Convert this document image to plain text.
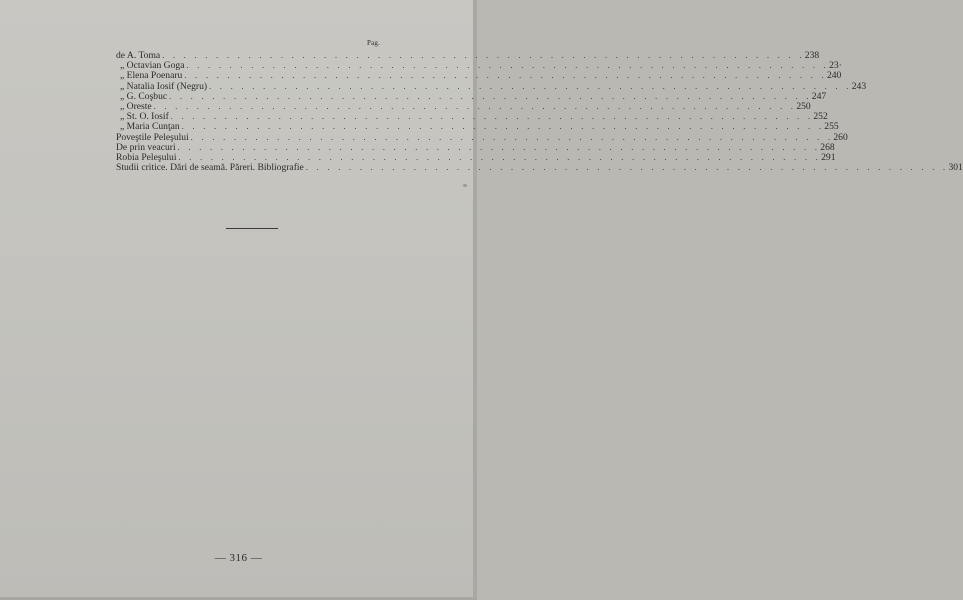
Pag.
de A. Toma . . . . . . . . . . . . . . . . . . . . . . . . . . . . . . . . . . . . . . . . . . . . . . . . . . . . . . . . . . . . 238
„ Octavian Goga . . . . . . . . . . . . . . . . . . . . . . . . . . . . . . . . . . . . . . . . . . . . . . . . . . . . . . . . . . . . 23·
„ Elena Poenaru . . . . . . . . . . . . . . . . . . . . . . . . . . . . . . . . . . . . . . . . . . . . . . . . . . . . . . . . . . . . 240
„ Natalia Iosif (Negru) . . . . . . . . . . . . . . . . . . . . . . . . . . . . . . . . . . . . . . . . . . . . . . . . . . . . . . . . . . . . 243
„ G. Coşbuc . . . . . . . . . . . . . . . . . . . . . . . . . . . . . . . . . . . . . . . . . . . . . . . . . . . . . . . . . . . . 247
„ Oreste . . . . . . . . . . . . . . . . . . . . . . . . . . . . . . . . . . . . . . . . . . . . . . . . . . . . . . . . . . . . 250
„ St. O. Iosif . . . . . . . . . . . . . . . . . . . . . . . . . . . . . . . . . . . . . . . . . . . . . . . . . . . . . . . . . . . . 252
„ Maria Cunţan . . . . . . . . . . . . . . . . . . . . . . . . . . . . . . . . . . . . . . . . . . . . . . . . . . . . . . . . . . . . 255
Poveştile Peleşului . . . . . . . . . . . . . . . . . . . . . . . . . . . . . . . . . . . . . . . . . . . . . . . . . . . . . . . . . . . . 260
De prin veacuri . . . . . . . . . . . . . . . . . . . . . . . . . . . . . . . . . . . . . . . . . . . . . . . . . . . . . . . . . . . . 268
Robia Peleşului . . . . . . . . . . . . . . . . . . . . . . . . . . . . . . . . . . . . . . . . . . . . . . . . . . . . . . . . . . . . 291
Studii critice. Dări de seamă. Păreri. Bibliografie . . . . . . . . . . . . . . . . . . . . . . . . . . . . . . . . . . . . . . . . . . . . . . . . . . . . . . . . . . . . 301
— 316 —
